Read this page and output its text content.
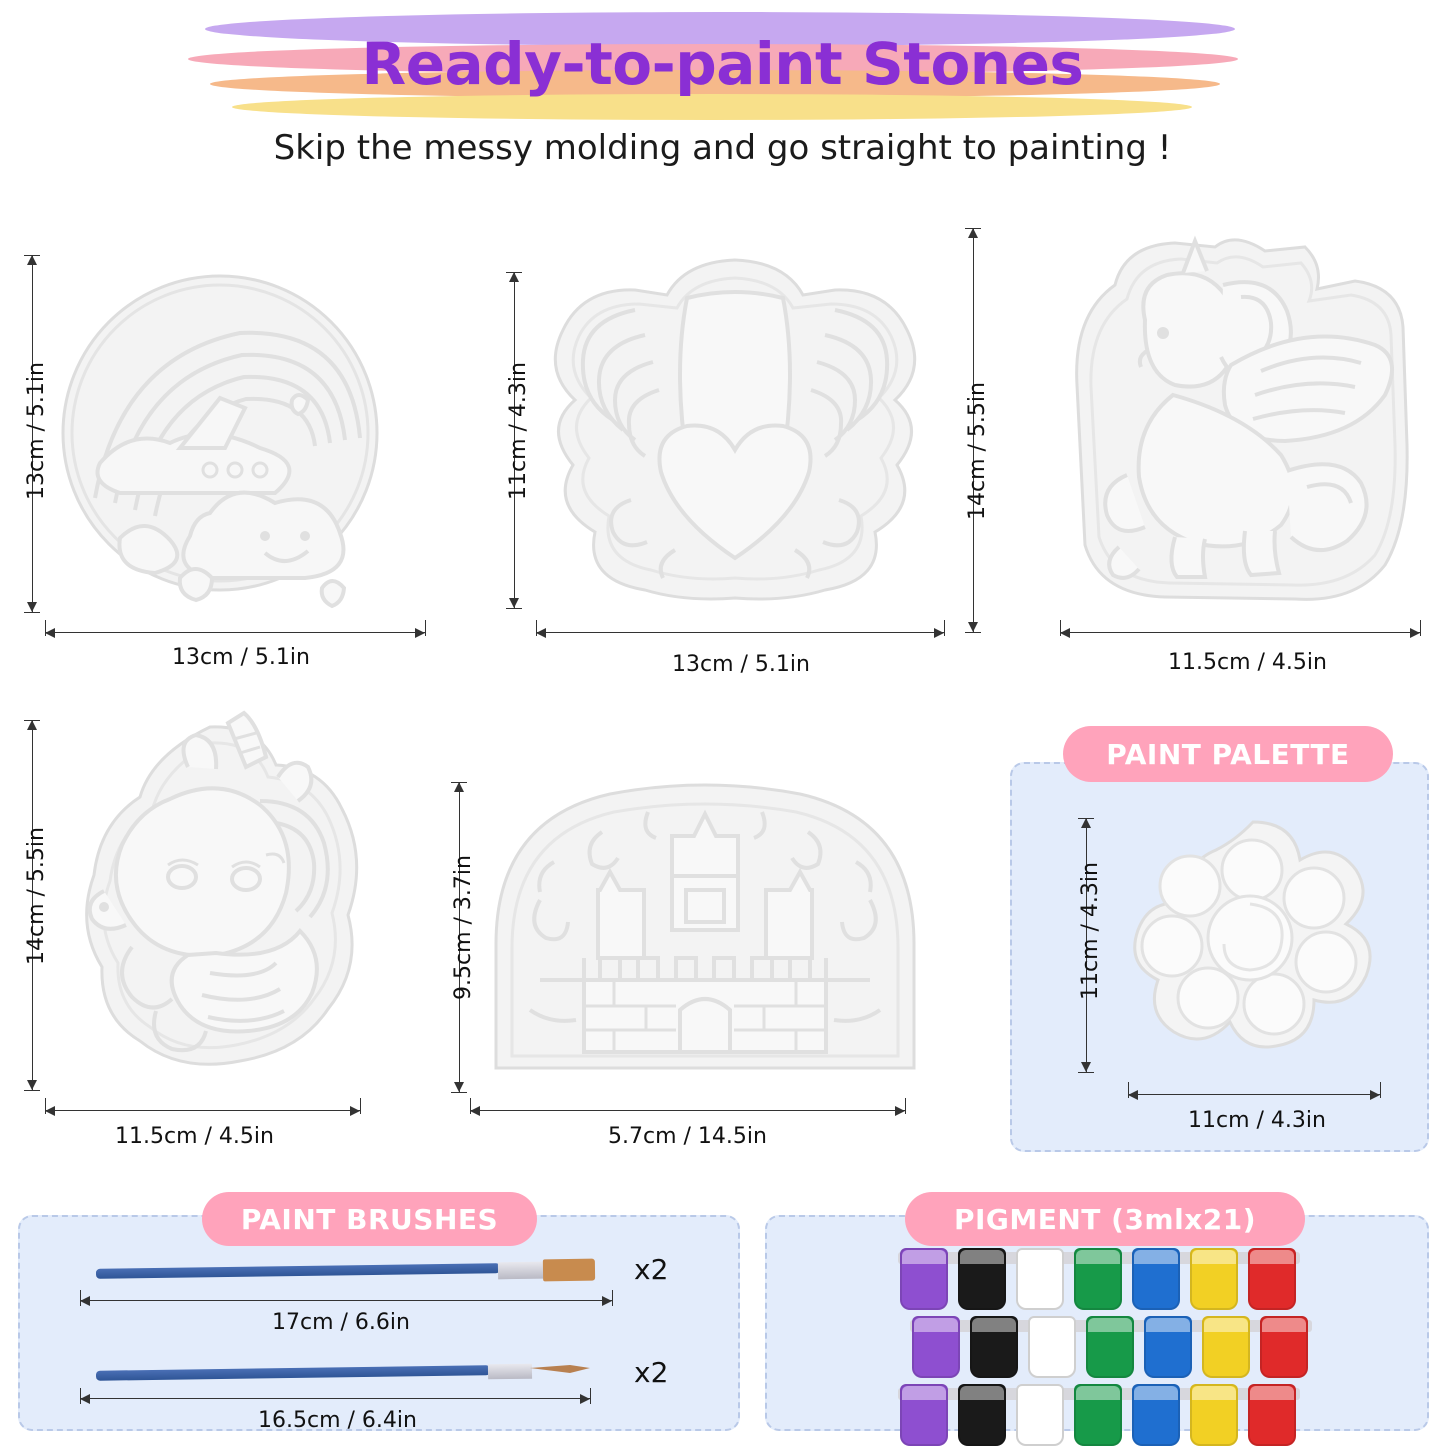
Ready-to-paint Stones
Skip the messy molding and go straight to painting !
13cm / 5.1in
13cm / 5.1in
11cm / 4.3in
13cm / 5.1in
14cm / 5.5in
11.5cm / 4.5in
14cm / 5.5in
11.5cm / 4.5in
9.5cm / 3.7in
5.7cm / 14.5in
PAINT PALETTE
11cm / 4.3in
11cm / 4.3in
PAINT BRUSHES
x2
17cm / 6.6in
x2
16.5cm / 6.4in
PIGMENT (3mlx21)
